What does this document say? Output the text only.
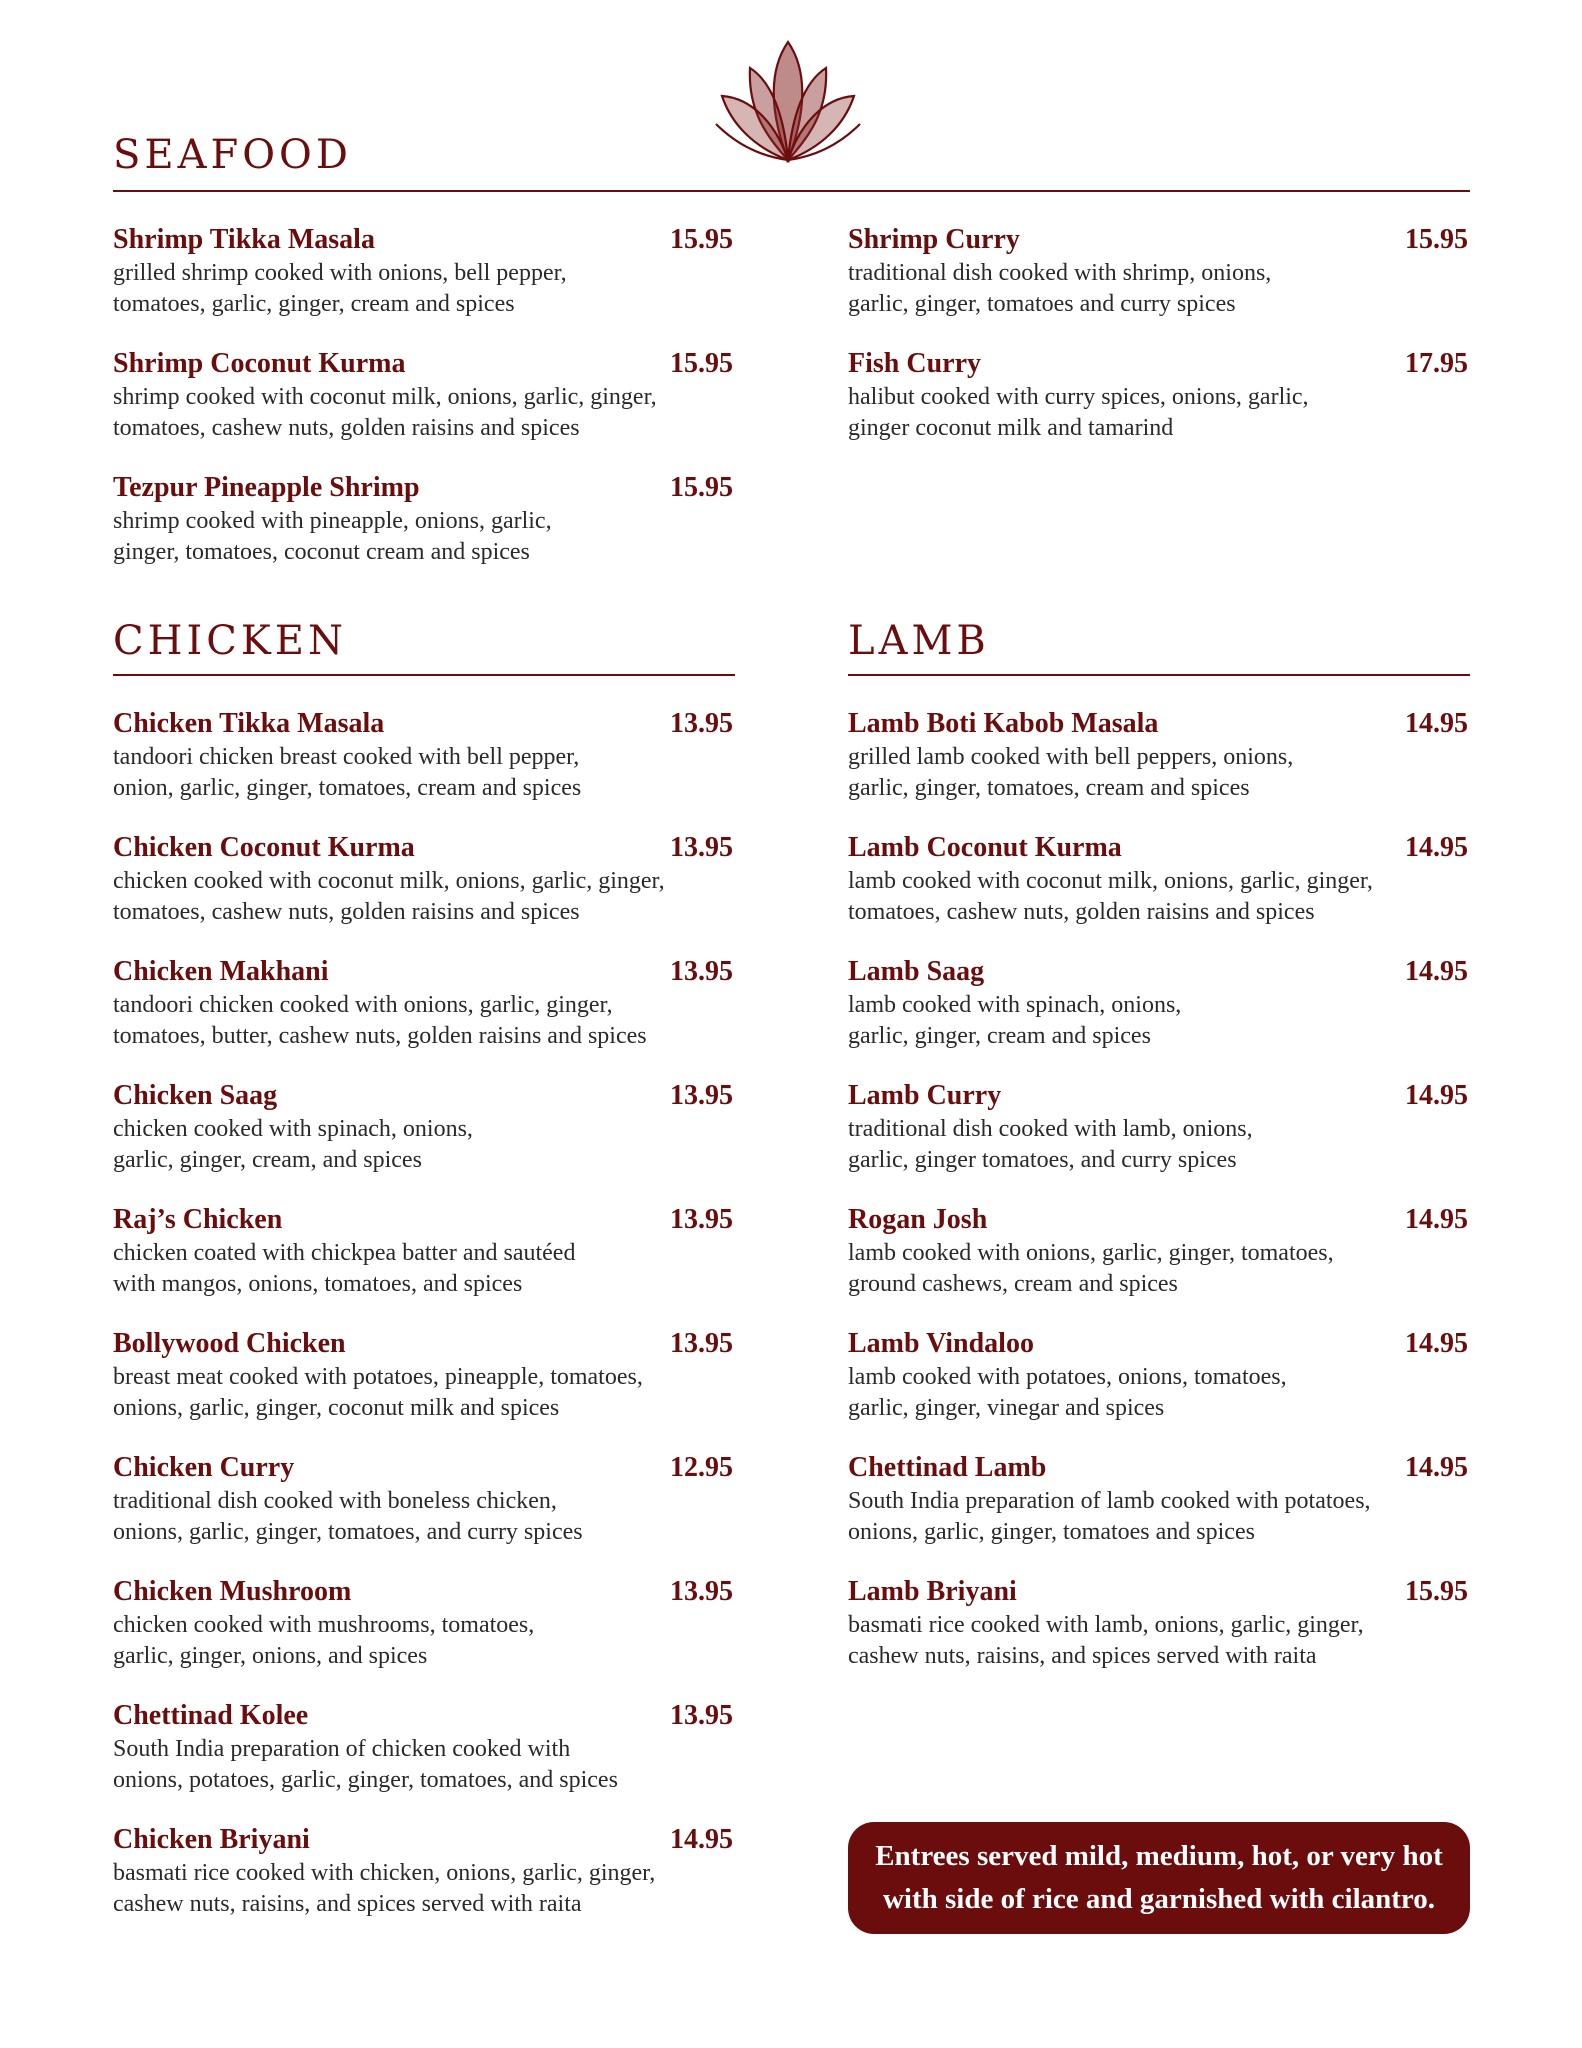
SEAFOOD
Shrimp Tikka Masala	15.95
grilled shrimp cooked with onions, bell pepper,
tomatoes, garlic, ginger, cream and spices
Shrimp Coconut Kurma	15.95
shrimp cooked with coconut milk, onions, garlic, ginger,
tomatoes, cashew nuts, golden raisins and spices
Tezpur Pineapple Shrimp	15.95
shrimp cooked with pineapple, onions, garlic,
ginger, tomatoes, coconut cream and spices
Shrimp Curry	15.95
traditional dish cooked with shrimp, onions,
garlic, ginger, tomatoes and curry spices
Fish Curry	17.95
halibut cooked with curry spices, onions, garlic,
ginger coconut milk and tamarind
CHICKEN
Chicken Tikka Masala	13.95
tandoori chicken breast cooked with bell pepper,
onion, garlic, ginger, tomatoes, cream and spices
Chicken Coconut Kurma	13.95
chicken cooked with coconut milk, onions, garlic, ginger,
tomatoes, cashew nuts, golden raisins and spices
Chicken Makhani	13.95
tandoori chicken cooked with onions, garlic, ginger,
tomatoes, butter, cashew nuts, golden raisins and spices
Chicken Saag	13.95
chicken cooked with spinach, onions,
garlic, ginger, cream, and spices
Raj’s Chicken	13.95
chicken coated with chickpea batter and sautéed
with mangos, onions, tomatoes, and spices
Bollywood Chicken	13.95
breast meat cooked with potatoes, pineapple, tomatoes,
onions, garlic, ginger, coconut milk and spices
Chicken Curry	12.95
traditional dish cooked with boneless chicken,
onions, garlic, ginger, tomatoes, and curry spices
Chicken Mushroom	13.95
chicken cooked with mushrooms, tomatoes,
garlic, ginger, onions, and spices
Chettinad Kolee	13.95
South India preparation of chicken cooked with
onions, potatoes, garlic, ginger, tomatoes, and spices
Chicken Briyani	14.95
basmati rice cooked with chicken, onions, garlic, ginger,
cashew nuts, raisins, and spices served with raita
LAMB
Lamb Boti Kabob Masala	14.95
grilled lamb cooked with bell peppers, onions,
garlic, ginger, tomatoes, cream and spices
Lamb Coconut Kurma	14.95
lamb cooked with coconut milk, onions, garlic, ginger,
tomatoes, cashew nuts, golden raisins and spices
Lamb Saag	14.95
lamb cooked with spinach, onions,
garlic, ginger, cream and spices
Lamb Curry	14.95
traditional dish cooked with lamb, onions,
garlic, ginger tomatoes, and curry spices
Rogan Josh	14.95
lamb cooked with onions, garlic, ginger, tomatoes,
ground cashews, cream and spices
Lamb Vindaloo	14.95
lamb cooked with potatoes, onions, tomatoes,
garlic, ginger, vinegar and spices
Chettinad Lamb	14.95
South India preparation of lamb cooked with potatoes,
onions, garlic, ginger, tomatoes and spices
Lamb Briyani	15.95
basmati rice cooked with lamb, onions, garlic, ginger,
cashew nuts, raisins, and spices served with raita
Entrees served mild, medium, hot, or very hot
with side of rice and garnished with cilantro.
